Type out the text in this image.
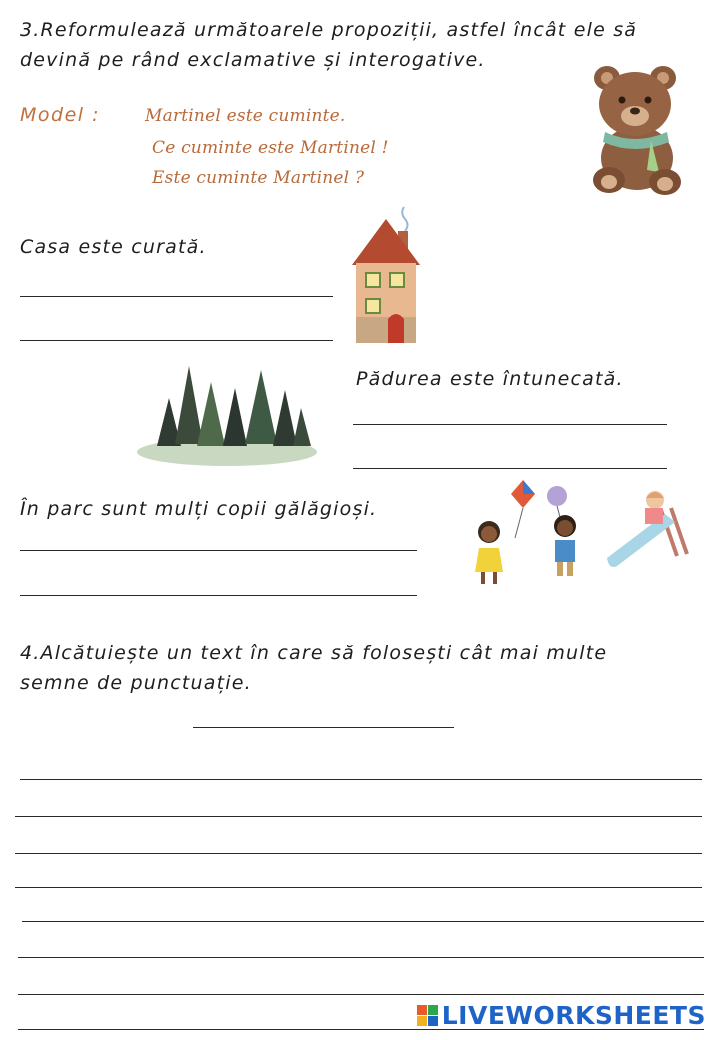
3.Reformulează următoarele propoziții, astfel încât ele să
devină pe rând exclamative și interogative.
Model :	Martinel este cuminte.
Ce cuminte este Martinel !
Este cuminte Martinel ?
Casa este curată.
Pădurea este întunecată.
În parc sunt mulți copii gălăgioși.
4.Alcătuiește un text în care să folosești cât mai multe
semne de punctuație.
LIVEWORKSHEETS
